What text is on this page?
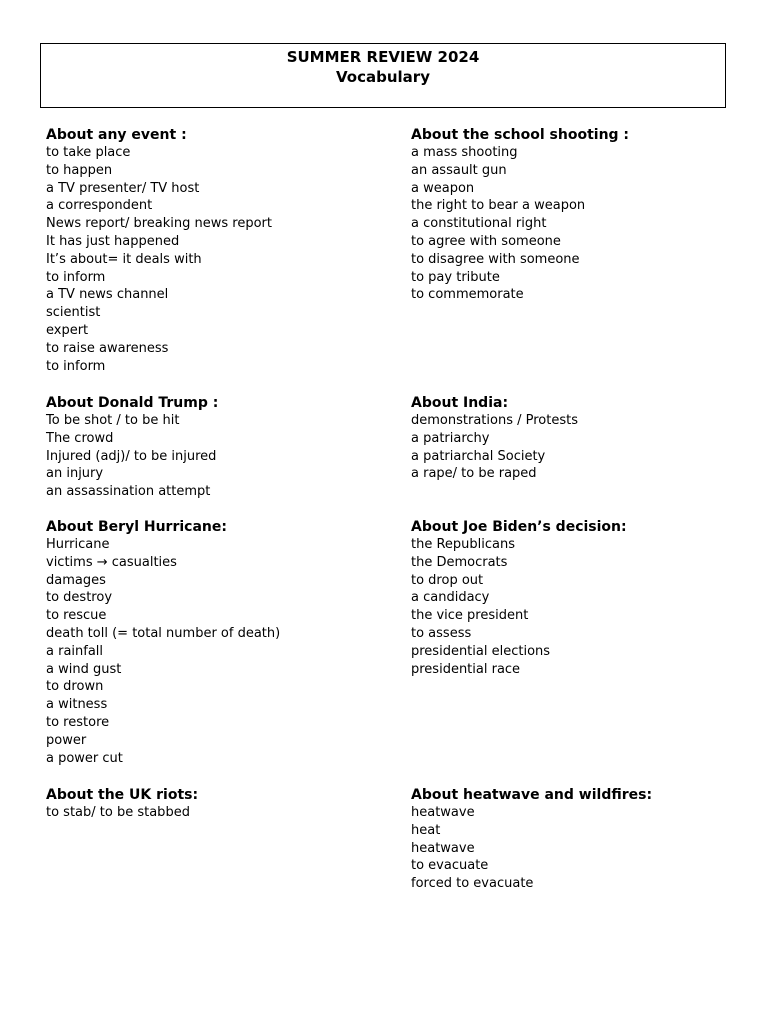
SUMMER REVIEW 2024
Vocabulary
About any event :
to take place
to happen
a TV presenter/ TV host
a correspondent
News report/ breaking news report
It has just happened
It’s about= it deals with
to inform
a TV news channel
scientist
expert
to raise awareness
to inform
About the school shooting :
a mass shooting
an assault gun
a weapon
the right to bear a weapon
a constitutional right
to agree with someone
to disagree with someone
to pay tribute
to commemorate
About Donald Trump :
To be shot / to be hit
The crowd
Injured (adj)/ to be injured
an injury
an assassination attempt
About India:
demonstrations / Protests
a patriarchy
a patriarchal Society
a rape/ to be raped
About Beryl Hurricane:
Hurricane
victims → casualties
damages
to destroy
to rescue
death toll (= total number of death)
a rainfall
a wind gust
to drown
a witness
to restore
power
a power cut
About Joe Biden’s decision:
the Republicans
the Democrats
to drop out
a candidacy
the vice president
to assess
presidential elections
presidential race
About the UK riots:
to stab/ to be stabbed
About heatwave and wildfires:
heatwave
heat
heatwave
to evacuate
forced to evacuate
